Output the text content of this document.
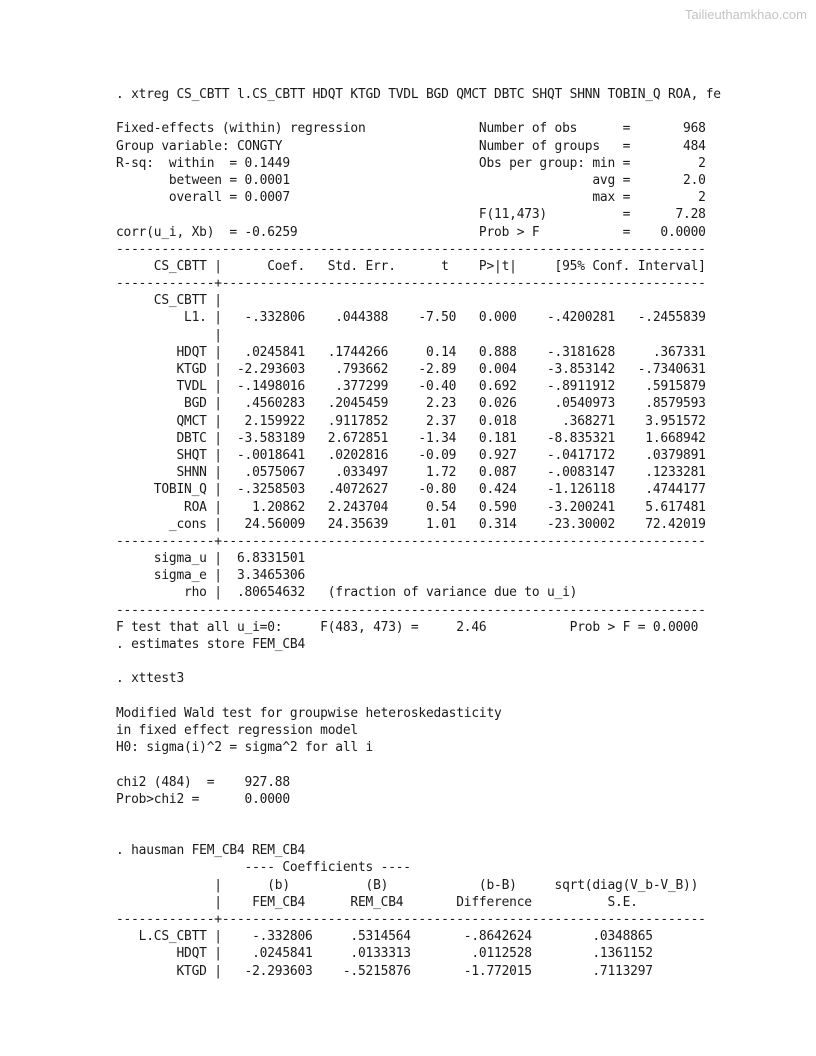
Tailieuthamkhao.com
. xtreg CS_CBTT l.CS_CBTT HDQT KTGD TVDL BGD QMCT DBTC SHQT SHNN TOBIN_Q ROA, fe
Fixed-effects (within) regression               Number of obs      =       968
Group variable: CONGTY                          Number of groups   =       484
R-sq:  within  = 0.1449                         Obs per group: min =         2
between = 0.0001                                        avg =       2.0
overall = 0.0007                                        max =         2
F(11,473)          =      7.28
corr(u_i, Xb)  = -0.6259                        Prob > F           =    0.0000
------------------------------------------------------------------------------
CS_CBTT |      Coef.   Std. Err.      t    P>|t|     [95% Conf. Interval]
-------------+----------------------------------------------------------------
CS_CBTT |
L1. |   -.332806    .044388    -7.50   0.000    -.4200281   -.2455839
|
HDQT |   .0245841   .1744266     0.14   0.888    -.3181628     .367331
KTGD |  -2.293603    .793662    -2.89   0.004    -3.853142   -.7340631
TVDL |  -.1498016    .377299    -0.40   0.692    -.8911912    .5915879
BGD |   .4560283   .2045459     2.23   0.026     .0540973    .8579593
QMCT |   2.159922   .9117852     2.37   0.018      .368271    3.951572
DBTC |  -3.583189   2.672851    -1.34   0.181    -8.835321    1.668942
SHQT |  -.0018641   .0202816    -0.09   0.927    -.0417172    .0379891
SHNN |   .0575067    .033497     1.72   0.087    -.0083147    .1233281
TOBIN_Q |  -.3258503   .4072627    -0.80   0.424    -1.126118    .4744177
ROA |    1.20862   2.243704     0.54   0.590    -3.200241    5.617481
_cons |   24.56009   24.35639     1.01   0.314    -23.30002    72.42019
-------------+----------------------------------------------------------------
sigma_u |  6.8331501
sigma_e |  3.3465306
rho |  .80654632   (fraction of variance due to u_i)
------------------------------------------------------------------------------
F test that all u_i=0:     F(483, 473) =     2.46           Prob > F = 0.0000
. estimates store FEM_CB4
. xttest3
Modified Wald test for groupwise heteroskedasticity
in fixed effect regression model
H0: sigma(i)^2 = sigma^2 for all i
chi2 (484)  =    927.88
Prob>chi2 =      0.0000
. hausman FEM_CB4 REM_CB4
---- Coefficients ----
|      (b)          (B)            (b-B)     sqrt(diag(V_b-V_B))
|    FEM_CB4      REM_CB4       Difference          S.E.
-------------+----------------------------------------------------------------
L.CS_CBTT |    -.332806     .5314564       -.8642624        .0348865
HDQT |    .0245841     .0133313        .0112528        .1361152
KTGD |   -2.293603    -.5215876       -1.772015        .7113297
